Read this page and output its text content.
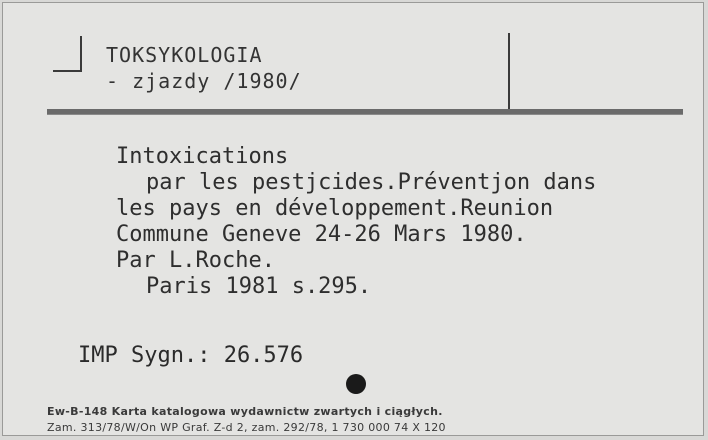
TOKSYKOLOGIA
- zjazdy /1980/
Intoxications
par les pestjcides.Préventjon dans
les pays en développement.Reunion
Commune Geneve 24-26 Mars 1980.
Par L.Roche.
Paris 1981 s.295.
IMP Sygn.: 26.576
Ew-B-148 Karta katalogowa wydawnictw zwartych i ciągłych.
Zam. 313/78/W/On WP Graf. Z-d 2, zam. 292/78, 1 730 000 74 X 120
